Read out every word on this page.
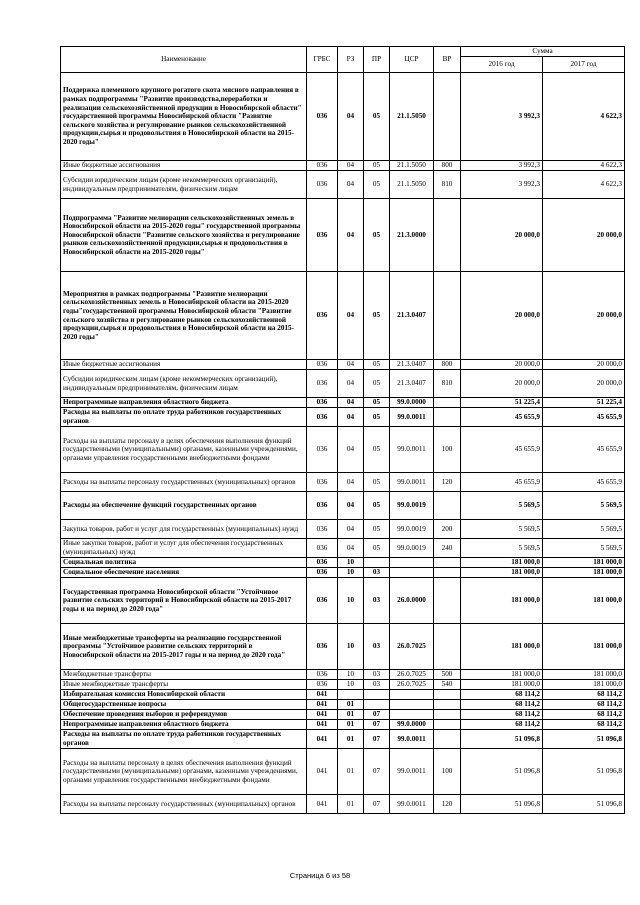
Наименование	ГРБС	РЗ	ПР	ЦСР	ВР	Сумма	
						2016 год	2017 год
Поддержка племенного крупного рогатого скота мясного направления в рамках подпрограммы "Развитие производства,переработки и реализации сельскохозяйственной продукции в Новосибирской области" государственной программы Новосибирской области "Развитие сельского хозяйства и регулирование рынков сельскохозяйственной продукции,сырья и продовольствия в Новосибирской области на 2015-2020 годы"	036	04	05	21.1.5050		3 992,3	4 622,3
Иные бюджетные ассигнования	036	04	05	21.1.5050	800	3 992,3	4 622,3
Субсидии юридическим лицам (кроме некоммерческих организаций), индивидуальным предпринимателям, физическим лицам	036	04	05	21.1.5050	810	3 992,3	4 622,3
Подпрограмма "Развитие мелиорации сельскохозяйственных земель в Новосибирской области на 2015-2020 годы" государственной программы Новосибирской области "Развитие сельского хозяйства и регулирование рынков сельскохозяйственной продукции,сырья и продовольствия в Новосибирской области на 2015-2020 годы"	036	04	05	21.3.0000		20 000,0	20 000,0
Мероприятия в рамках подпрограммы "Развитие мелиорации сельскохозяйственных земель в Новосибирской области на 2015-2020 годы"государственной программы Новосибирской области "Развитие сельского хозяйства и регулирование рынков сельскохозяйственной продукции,сырья и продовольствия в Новосибирской области на 2015-2020 годы"	036	04	05	21.3.0407		20 000,0	20 000,0
Иные бюджетные ассигнования	036	04	05	21.3.0407	800	20 000,0	20 000,0
Субсидии юридическим лицам (кроме некоммерческих организаций), индивидуальным предпринимателям, физическим лицам	036	04	05	21.3.0407	810	20 000,0	20 000,0
Непрограммные направления областного бюджета	036	04	05	99.0.0000		51 225,4	51 225,4
Расходы на выплаты по оплате труда работников государственных органов	036	04	05	99.0.0011		45 655,9	45 655,9
Расходы на выплаты персоналу в целях обеспечения выполнения функций государственными (муниципальными) органами, казенными учреждениями, органами управления государственными внебюджетными фондами	036	04	05	99.0.0011	100	45 655,9	45 655,9
Расходы на выплаты персоналу государственных (муниципальных) органов	036	04	05	99.0.0011	120	45 655,9	45 655,9
Расходы на обеспечение функций государственных органов	036	04	05	99.0.0019		5 569,5	5 569,5
Закупка товаров, работ и услуг для государственных (муниципальных) нужд	036	04	05	99.0.0019	200	5 569,5	5 569,5
Иные закупки товаров, работ и услуг для обеспечения государственных (муниципальных) нужд	036	04	05	99.0.0019	240	5 569,5	5 569,5
Социальная политика	036	10				181 000,0	181 000,0
Социальное обеспечение населения	036	10	03			181 000,0	181 000,0
Государственная программа Новосибирской области "Устойчивое развитие сельских территорий в Новосибирской области на 2015-2017 годы и на период до 2020 года"	036	10	03	26.0.0000		181 000,0	181 000,0
Иные межбюджетные трансферты на реализацию государственной программы "Устойчивое развитие сельских территорий в Новосибирской области на 2015-2017 годы и на период до 2020 года"	036	10	03	26.0.7025		181 000,0	181 000,0
Межбюджетные трансферты	036	10	03	26.0.7025	500	181 000,0	181 000,0
Иные межбюджетные трансферты	036	10	03	26.0.7025	540	181 000,0	181 000,0
Избирательная комиссия Новосибирской области	041					68 114,2	68 114,2
Общегосударственные вопросы	041	01				68 114,2	68 114,2
Обеспечение проведения выборов и референдумов	041	01	07			68 114,2	68 114,2
Непрограммные направления областного бюджета	041	01	07	99.0.0000		68 114,2	68 114,2
Расходы на выплаты по оплате труда работников государственных органов	041	01	07	99.0.0011		51 096,8	51 096,8
Расходы на выплаты персоналу в целях обеспечения выполнения функций государственными (муниципальными) органами, казенными учреждениями, органами управления государственными внебюджетными фондами	041	01	07	99.0.0011	100	51 096,8	51 096,8
Расходы на выплаты персоналу государственных (муниципальных) органов	041	01	07	99.0.0011	120	51 096,8	51 096,8
Страница 6 из 58
